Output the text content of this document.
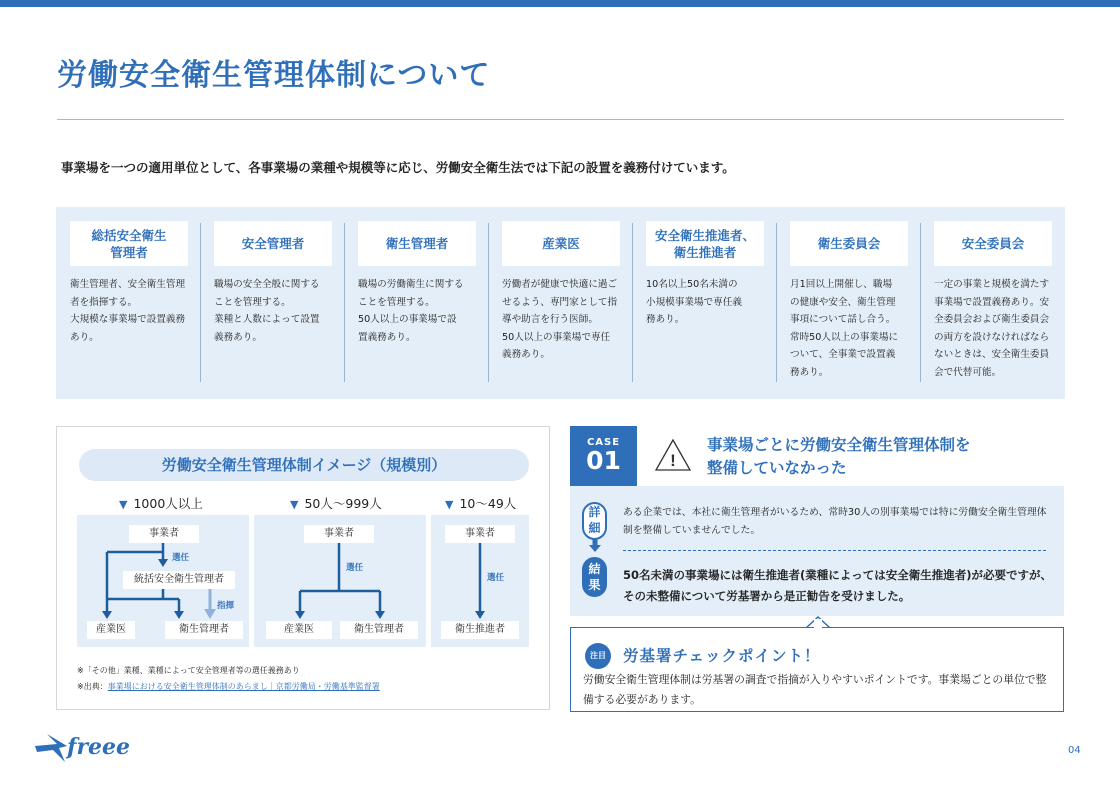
労働安全衛生管理体制について
事業場を一つの適用単位として、各事業場の業種や規模等に応じ、労働安全衛生法では下記の設置を義務付けています。
総括安全衛生
管理者
衛生管理者、安全衛生管理
者を指揮する。
大規模な事業場で設置義務
あり。
安全管理者
職場の安全全般に関する
ことを管理する。
業種と人数によって設置
義務あり。
衛生管理者
職場の労働衛生に関する
ことを管理する。
50人以上の事業場で設
置義務あり。
産業医
労働者が健康で快適に過ご
せるよう、専門家として指
導や助言を行う医師。
50人以上の事業場で専任
義務あり。
安全衛生推進者、
衛生推進者
10名以上50名未満の
小規模事業場で専任義
務あり。
衛生委員会
月1回以上開催し、職場
の健康や安全、衛生管理
事項について話し合う。
常時50人以上の事業場に
ついて、全事業で設置義
務あり。
安全委員会
一定の事業と規模を満たす
事業場で設置義務あり。安
全委員会および衛生委員会
の両方を設けなければなら
ないときは、安全衛生委員
会で代替可能。
労働安全衛生管理体制イメージ（規模別）
▼ 1000人以上	▼ 50人～999人	▼ 10～49人
事業者
選任
統括安全衛生管理者
指揮
産業医	衛生管理者
事業者
選任
産業医	衛生管理者
事業者
選任
衛生推進者
※「その他」業種、業種によって安全管理者等の選任義務あり
※出典：事業場における安全衛生管理体制のあらまし｜京都労働局・労働基準監督署
CASE
01	!
事業場ごとに労働安全衛生管理体制を
整備していなかった
詳
細
結
果
ある企業では、本社に衛生管理者がいるため、常時30人の別事業場では特に労働安全衛生管理体制を整備していませんでした。
50名未満の事業場には衛生推進者(業種によっては安全衛生推進者)が必要ですが、その未整備について労基署から是正勧告を受けました。
注目	労基署チェックポイント！
労働安全衛生管理体制は労基署の調査で指摘が入りやすいポイントです。事業場ごとの単位で整備する必要があります。
freee	04
